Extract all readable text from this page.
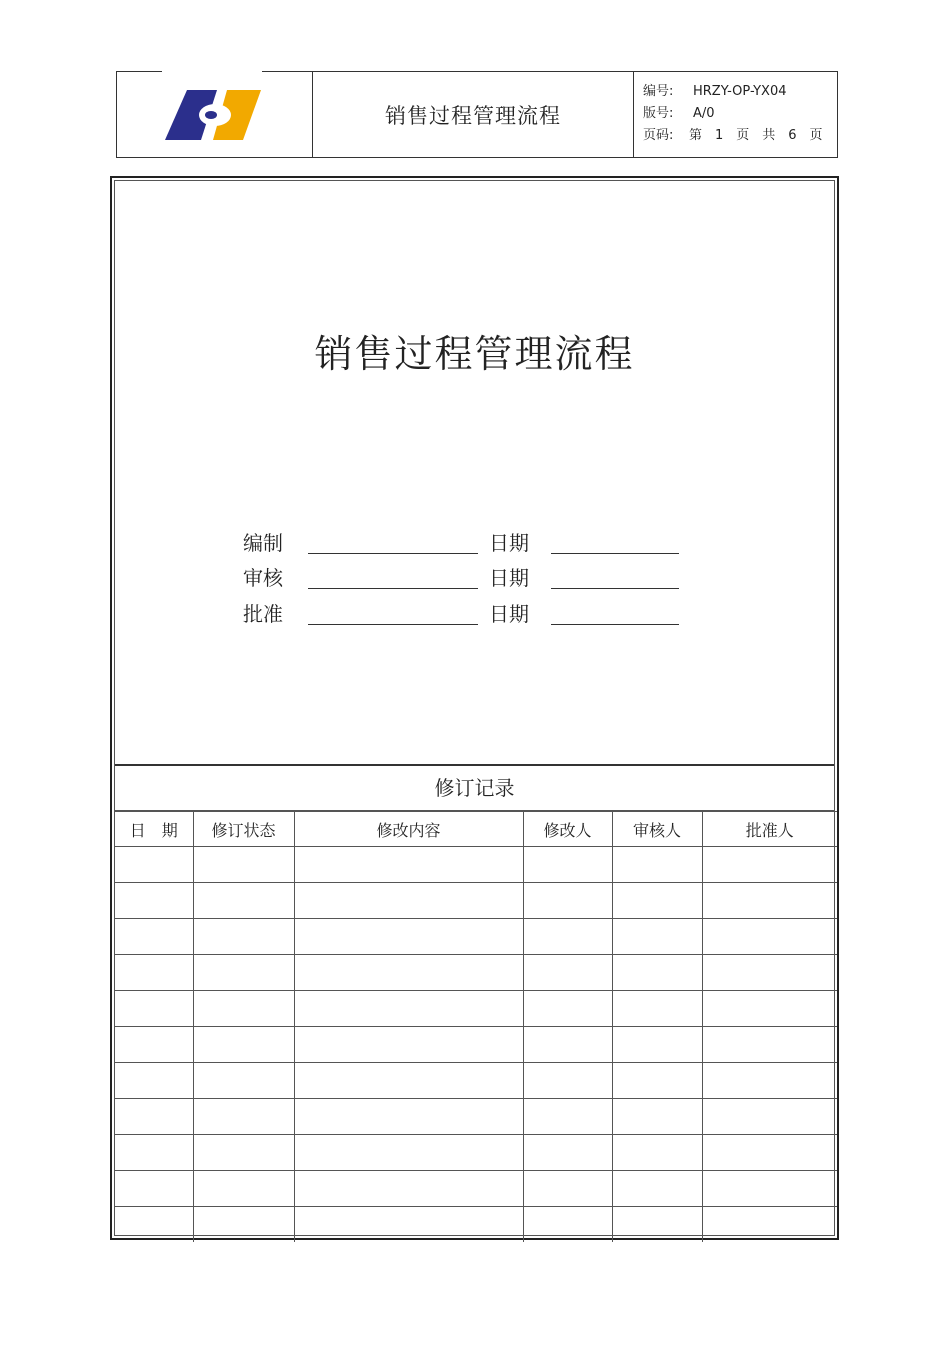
销售过程管理流程
编号: HRZY-OP-YX04
版号: A/0
页码: 第　1　页　共　6　页
销售过程管理流程
编制	日期
审核	日期
批准	日期
修订记录
日　期	修订状态	修改内容	修改人	审核人	批准人
